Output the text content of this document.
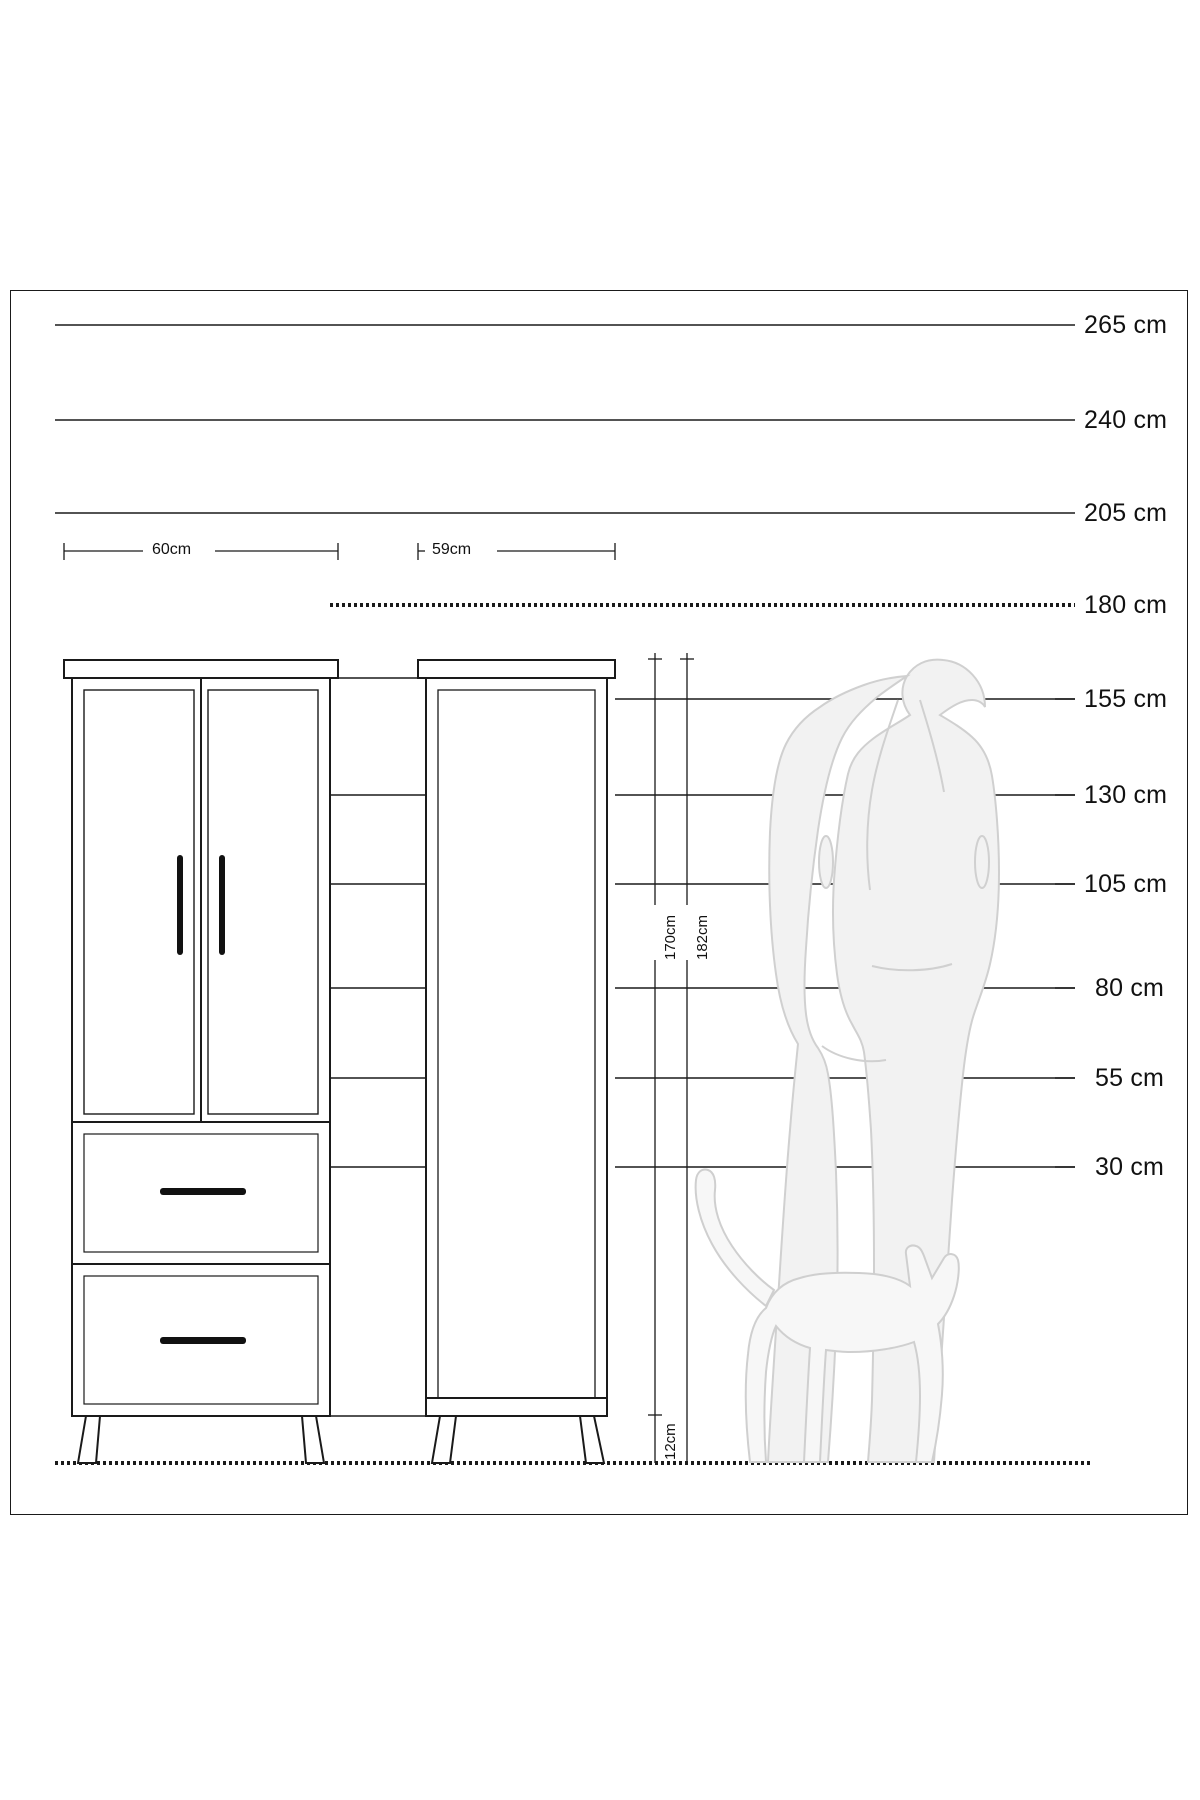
265 cm
240 cm
205 cm
180 cm
155 cm
130 cm
105 cm
80 cm
55 cm
30 cm
60cm	59cm
170cm 182cm
12cm
